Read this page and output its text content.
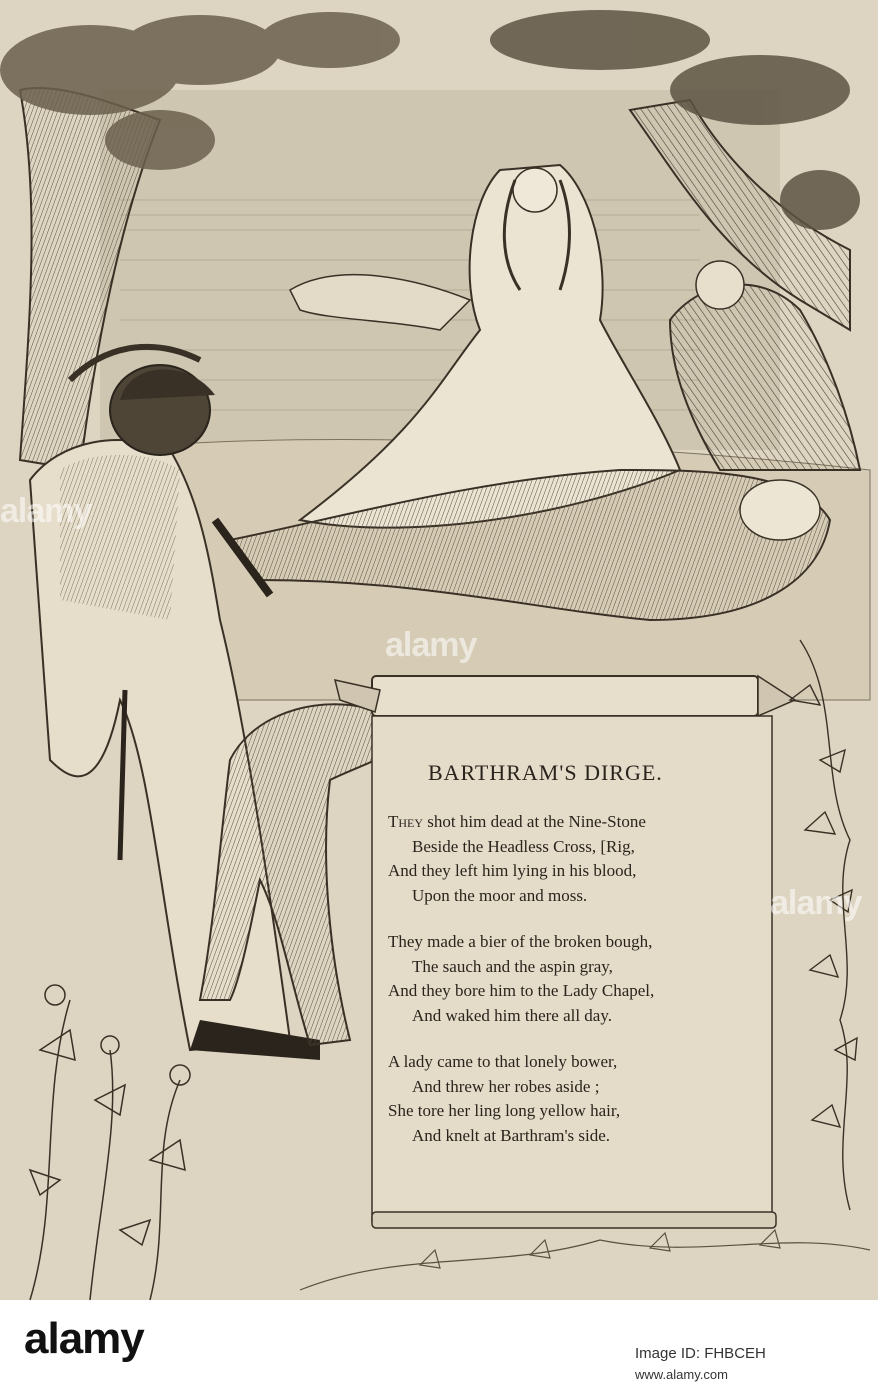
alamy
alamy
alamy
BARTHRAM'S DIRGE.
They shot him dead at the Nine-Stone
Beside the Headless Cross, [Rig,
And they left him lying in his blood,
Upon the moor and moss.
They made a bier of the broken bough,
The sauch and the aspin gray,
And they bore him to the Lady Chapel,
And waked him there all day.
A lady came to that lonely bower,
And threw her robes aside ;
She tore her ling long yellow hair,
And knelt at Barthram's side.
alamy	Image ID: FHBCEH
www.alamy.com
